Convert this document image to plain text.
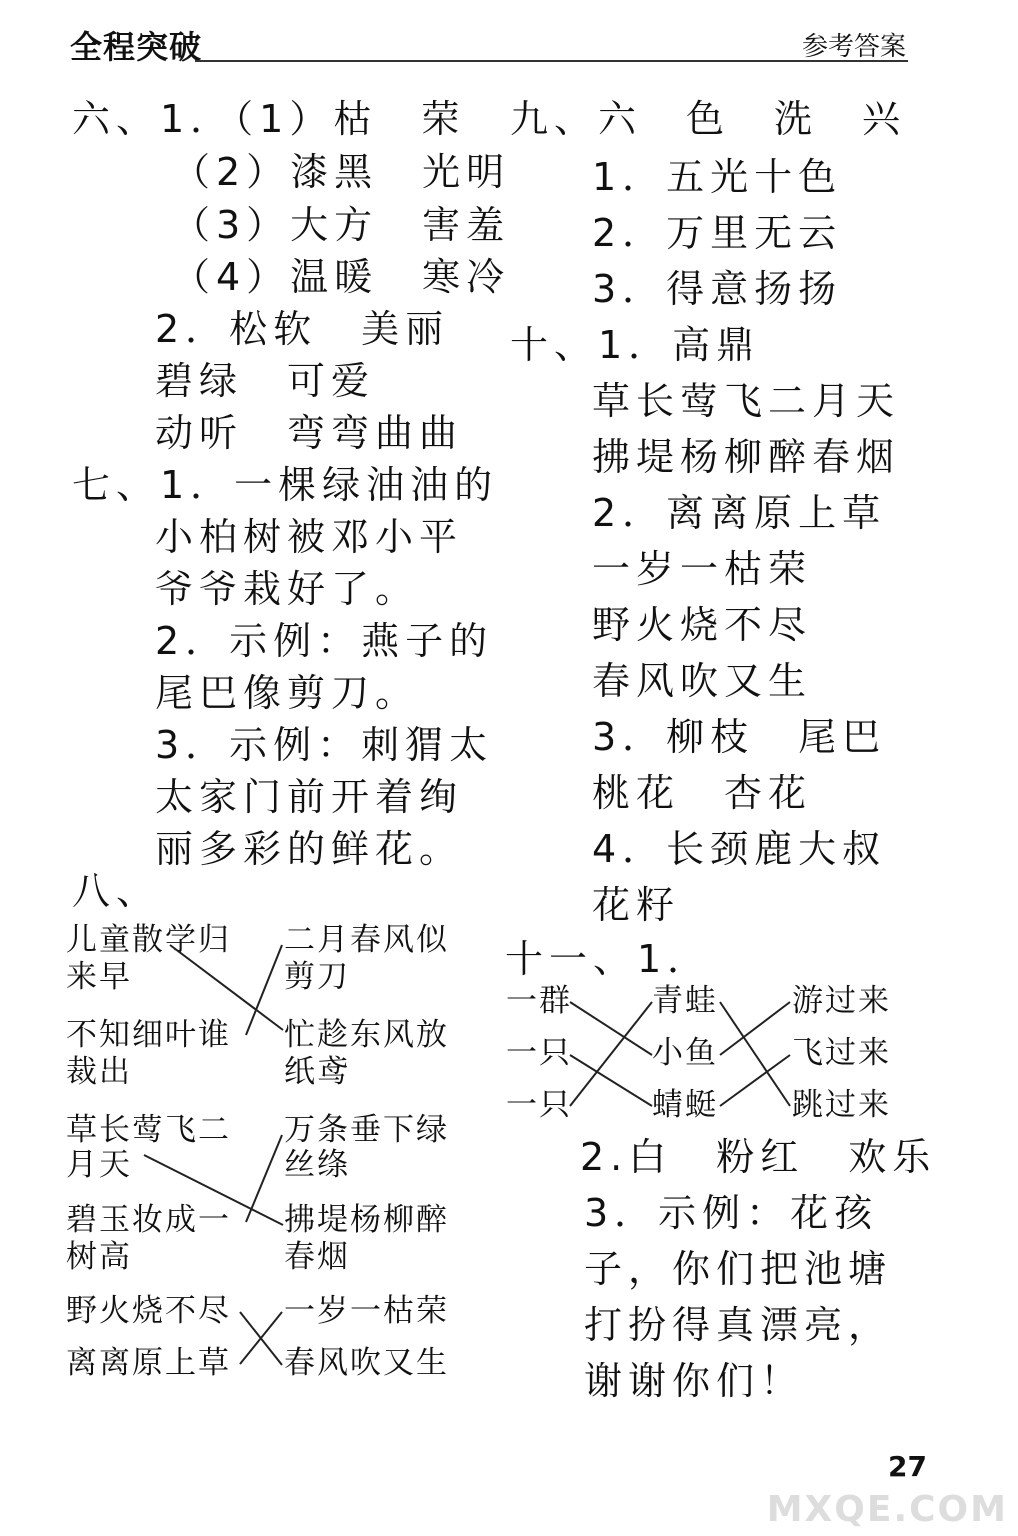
全程突破	参考答案
六、1．（1）枯　荣
（2）漆黑　光明
（3）大方　害羞
（4）温暖　寒冷
2．松软　美丽
碧绿　可爱
动听　弯弯曲曲
七、1．一棵绿油油的
小柏树被邓小平
爷爷栽好了。
2．示例：燕子的
尾巴像剪刀。
3．示例：刺猬太
太家门前开着绚
丽多彩的鲜花。
八、
儿童散学归
来早
不知细叶谁
裁出
二月春风似
剪刀
忙趁东风放
纸鸢
草长莺飞二
月天
碧玉妆成一
树高
万条垂下绿
丝绦
拂堤杨柳醉
春烟
野火烧不尽
离离原上草
一岁一枯荣
春风吹又生
九、六　色　洗　兴
1．五光十色
2．万里无云
3．得意扬扬
十、1．高鼎
草长莺飞二月天
拂堤杨柳醉春烟
2．离离原上草
一岁一枯荣
野火烧不尽
春风吹又生
3．柳枝　尾巴
桃花　杏花
4．长颈鹿大叔
花籽
十一、1．
一群
一只
一只
青蛙
小鱼
蜻蜓
游过来
飞过来
跳过来
2.白　粉红　欢乐
3．示例：花孩
子，你们把池塘
打扮得真漂亮，
谢谢你们！
27
MXQE.COM
